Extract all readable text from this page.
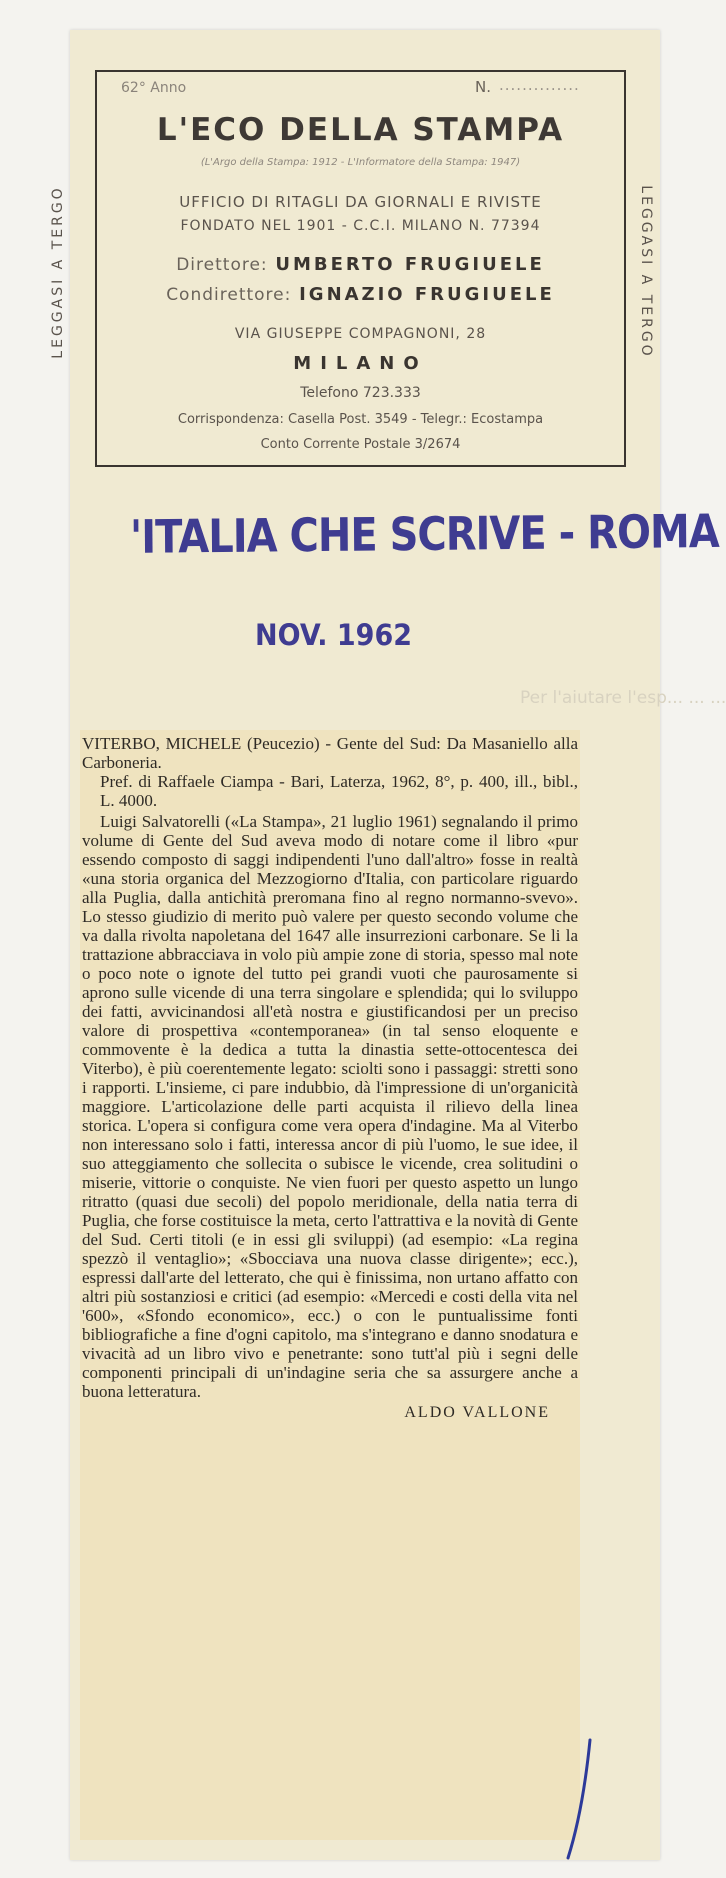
LEGGASI A TERGO	LEGGASI A TERGO
62° Anno	N. ..............
L'ECO DELLA STAMPA
(L'Argo della Stampa: 1912 - L'Informatore della Stampa: 1947)
UFFICIO DI RITAGLI DA GIORNALI E RIVISTE
FONDATO NEL 1901 - C.C.I. MILANO N. 77394
Direttore: UMBERTO FRUGIUELE
Condirettore: IGNAZIO FRUGIUELE
VIA GIUSEPPE COMPAGNONI, 28
MILANO
Telefono 723.333
Corrispondenza: Casella Post. 3549 - Telegr.: Ecostampa
Conto Corrente Postale 3/2674
'ITALIA CHE SCRIVE - ROMA
NOV. 1962
Per l'aiutare l'esp... ... ...

VITERBO, MICHELE (Peucezio) - Gente del Sud: Da Masaniello alla Carboneria.

Pref. di Raffaele Ciampa - Bari, Laterza, 1962, 8°, p. 400, ill., bibl., L. 4000.

Luigi Salvatorelli («La Stampa», 21 luglio 1961) segnalando il primo volume di Gente del Sud aveva modo di notare come il libro «pur essendo composto di saggi indipendenti l'uno dall'altro» fosse in realtà «una storia organica del Mezzogiorno d'Italia, con particolare riguardo alla Puglia, dalla antichità preromana fino al regno normanno-svevo». Lo stesso giudizio di merito può valere per questo secondo volume che va dalla rivolta napoletana del 1647 alle insurrezioni carbonare. Se li la trattazione abbracciava in volo più ampie zone di storia, spesso mal note o poco note o ignote del tutto pei grandi vuoti che paurosamente si aprono sulle vicende di una terra singolare e splendida; qui lo sviluppo dei fatti, avvicinandosi all'età nostra e giustificandosi per un preciso valore di prospettiva «contemporanea» (in tal senso eloquente e commovente è la dedica a tutta la dinastia sette-ottocentesca dei Viterbo), è più coerentemente legato: sciolti sono i passaggi: stretti sono i rapporti. L'insieme, ci pare indubbio, dà l'impressione di un'organicità maggiore. L'articolazione delle parti acquista il rilievo della linea storica. L'opera si configura come vera opera d'indagine. Ma al Viterbo non interessano solo i fatti, interessa ancor di più l'uomo, le sue idee, il suo atteggiamento che sollecita o subisce le vicende, crea solitudini o miserie, vittorie o conquiste. Ne vien fuori per questo aspetto un lungo ritratto (quasi due secoli) del popolo meridionale, della natia terra di Puglia, che forse costituisce la meta, certo l'attrattiva e la novità di Gente del Sud. Certi titoli (e in essi gli sviluppi) (ad esempio: «La regina spezzò il ventaglio»; «Sbocciava una nuova classe dirigente»; ecc.), espressi dall'arte del letterato, che qui è finissima, non urtano affatto con altri più sostanziosi e critici (ad esempio: «Mercedi e costi della vita nel '600», «Sfondo economico», ecc.) o con le puntualissime fonti bibliografiche a fine d'ogni capitolo, ma s'integrano e danno snodatura e vivacità ad un libro vivo e penetrante: sono tutt'al più i segni delle componenti principali di un'indagine seria che sa assurgere anche a buona letteratura.

ALDO VALLONE
